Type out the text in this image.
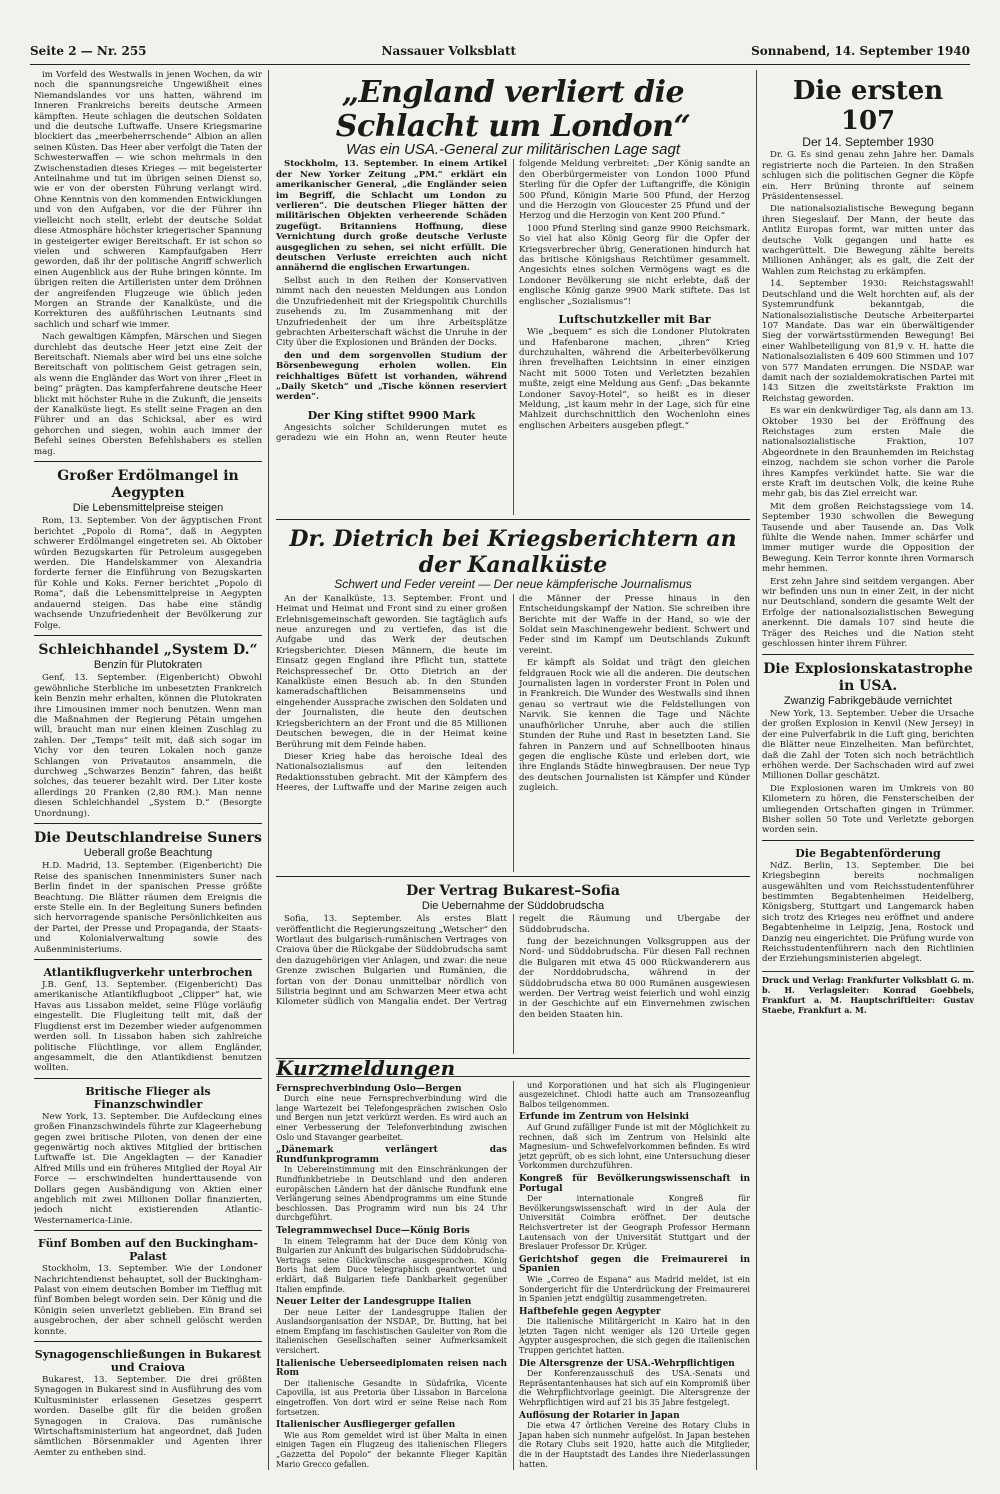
Seite 2 — Nr. 255	Nassauer Volksblatt	Sonnabend, 14. September 1940

im Vorfeld des Westwalls in jenen Wochen, da wir noch die spannungsreiche Ungewißheit eines Niemandslandes vor uns hatten, während im Inneren Frankreichs bereits deutsche Armeen kämpften. Heute schlagen die deutschen Soldaten und die deutsche Luftwaffe. Unsere Kriegsmarine blockiert das „meerbeherrschende“ Albion an allen seinen Küsten. Das Heer aber verfolgt die Taten der Schwesterwaffen — wie schon mehrmals in den Zwischenstadien dieses Krieges — mit begeisterter Anteilnahme und tut im übrigen seinen Dienst so, wie er von der obersten Führung verlangt wird. Ohne Kenntnis von den kommenden Entwicklungen und von den Aufgaben, vor die der Führer ihn vielleicht noch stellt, erlebt der deutsche Soldat diese Atmosphäre höchster kriegerischer Spannung in gesteigerter ewiger Bereitschaft. Er ist schon so vielen und schweren Kampfaufgaben Herr geworden, daß ihr der politische Angriff schwerlich einen Augenblick aus der Ruhe bringen könnte. Im übrigen reiten die Artilleristen unter dem Dröhnen der angreifenden Flugzeuge wie üblich jeden Morgen an Strande der Kanalküste, und die Korrekturen des außführischen Leutnants sind sachlich und scharf wie immer.

Nach gewaltigen Kämpfen, Märschen und Siegen durchlebt das deutsche Heer jetzt eine Zeit der Bereitschaft. Niemals aber wird bei uns eine solche Bereitschaft von politischem Geist getragen sein, als wenn die Engländer das Wort von ihrer „Fleet in being“ prägten. Das kampferfahrene deutsche Heer blickt mit höchster Ruhe in die Zukunft, die jenseits der Kanalküste liegt. Es stellt seine Fragen an den Führer und an das Schicksal, aber es wird gehorchen und siegen, wohin auch immer der Befehl seines Obersten Befehlshabers es stellen mag.

Großer Erdölmangel in Aegypten
Die Lebensmittelpreise steigen

Rom, 13. September. Von der ägyptischen Front berichtet „Popolo di Roma“, daß in Aegypten schwerer Erdölmangel eingetreten sei. Ab Oktober würden Bezugskarten für Petroleum ausgegeben werden. Die Handelskammer von Alexandria forderte ferner die Einführung von Bezugskarten für Kohle und Koks. Ferner berichtet „Popolo di Roma“, daß die Lebensmittelpreise in Aegypten andauernd steigen. Das habe eine ständig wachsende Unzufriedenheit der Bevölkerung zur Folge.

Schleichhandel „System D.“
Benzin für Plutokraten

Genf, 13. September. (Eigenbericht) Obwohl gewöhnliche Sterbliche im unbesetzten Frankreich kein Benzin mehr erhalten, können die Plutokraten ihre Limousinen immer noch benutzen. Wenn man die Maßnahmen der Regierung Pétain umgehen will, braucht man nur einen kleinen Zuschlag zu zahlen. Der „Temps“ teilt mit, daß sich sogar im Vichy vor den teuren Lokalen noch ganze Schlangen von Privatautos ansammeln, die durchweg „Schwarzes Benzin“ fahren, das heißt solches, das teuerer bezahlt wird. Der Liter koste allerdings 20 Franken (2,80 RM.). Man nenne diesen Schleichhandel „System D.“ (Besorgte Unordnung).

Die Deutschlandreise Suners
Ueberall große Beachtung

H.D. Madrid, 13. September. (Eigenbericht) Die Reise des spanischen Innenministers Suner nach Berlin findet in der spanischen Presse größte Beachtung. Die Blätter räumen dem Ereignis die erste Stelle ein. In der Begleitung Suners befinden sich hervorragende spanische Persönlichkeiten aus der Partei, der Presse und Propaganda, der Staats- und Kolonialverwaltung sowie des Außenministeriums.

Atlantikflugverkehr unterbrochen

J.B. Genf, 13. September. (Eigenbericht) Das amerikanische Atlantikflugboot „Clipper“ hat, wie Havas aus Lissabon meldet, seine Flüge vorläufig eingestellt. Die Flugleitung teilt mit, daß der Flugdienst erst im Dezember wieder aufgenommen werden soll. In Lissabon haben sich zahlreiche politische Flüchtlinge, vor allem Engländer, angesammelt, die den Atlantikdienst benutzen wollten.

Britische Flieger als Finanzschwindler

New York, 13. September. Die Aufdeckung eines großen Finanzschwindels führte zur Klageerhebung gegen zwei britische Piloten, von denen der eine gegenwärtig noch aktives Mitglied der britischen Luftwaffe ist. Die Angeklagten — der Kanadier Alfred Mills und ein früheres Mitglied der Royal Air Force — erschwindelten hunderttausende von Dollars gegen Ausbändigung von Aktien einer angeblich mit zwei Millionen Dollar finanzierten, jedoch nicht existierenden Atlantic-Westernamerica-Linie.

Fünf Bomben auf den Buckingham-Palast

Stockholm, 13. September. Wie der Londoner Nachrichtendienst behauptet, soll der Buckingham-Palast von einem deutschen Bomber im Tiefflug mit fünf Bomben belegt worden sein. Der König und die Königin seien unverletzt geblieben. Ein Brand sei ausgebrochen, der aber schnell gelöscht werden konnte.

Synagogenschließungen in Bukarest und Craiova

Bukarest, 13. September. Die drei größten Synagogen in Bukarest sind in Ausführung des vom Kultusminister erlassenen Gesetzes gesperrt worden. Daselbe gilt für die beiden großen Synagogen in Craiova. Das rumänische Wirtschaftsministerium hat angeordnet, daß Juden sämtlichen Börsenmakler und Agenten ihrer Aemter zu entheben sind.

„England verliert die Schlacht um London“
Was ein USA.-General zur militärischen Lage sagt

Stockholm, 13. September. In einem Artikel der New Yorker Zeitung „PM.“ erklärt ein amerikanischer General, „die Engländer seien im Begriff, die Schlacht um London zu verlieren“. Die deutschen Flieger hätten der militärischen Objekten verheerende Schäden zugefügt. Britanniens Hoffnung, diese Vernichtung durch große deutsche Verluste ausgeglichen zu sehen, sei nicht erfüllt. Die deutschen Verluste erreichten auch nicht annähernd die englischen Erwartungen.

Selbst auch in den Reihen der Konservativen nimmt nach den neuesten Meldungen aus London die Unzufriedenheit mit der Kriegspolitik Churchills zusehends zu. Im Zusammenhang mit der Unzufriedenheit der um ihre Arbeitsplätze gebrachten Arbeiterschaft wächst die Unruhe in der City über die Explosionen und Bränden der Docks.

den und dem sorgenvollen Studium der Börsenbewegung erholen wollen. Ein reichhaltiges Büfett ist vorhanden, während „Daily Sketch“ und „Tische können reserviert werden“.

Der King stiftet 9900 Mark

Angesichts solcher Schilderungen mutet es geradezu wie ein Hohn an, wenn Reuter heute folgende Meldung verbreitet: „Der König sandte an den Oberbürgermeister von London 1000 Pfund Sterling für die Opfer der Luftangriffe, die Königin 500 Pfund, Königin Marie 500 Pfund, der Herzog und die Herzogin von Gloucester 25 Pfund und der Herzog und die Herzogin von Kent 200 Pfund.“

1000 Pfund Sterling sind ganze 9900 Reichsmark. So viel hat also König Georg für die Opfer der Kriegsverbrecher übrig, Generationen hindurch hat das britische Königshaus Reichtümer gesammelt. Angesichts eines solchen Vermögens wagt es die Londoner Bevölkerung sie nicht erlebte, daß der englische König ganze 9900 Mark stiftete. Das ist englischer „Sozialismus“!

Luftschutzkeller mit Bar

Wie „bequem“ es sich die Londoner Plutokraten und Hafenbarone machen, „ihren“ Krieg durchzuhalten, während die Arbeiterbevölkerung ihren frevelhaften Leichtsinn in einer einzigen Nacht mit 5000 Toten und Verletzten bezahlen mußte, zeigt eine Meldung aus Genf: „Das bekannte Londoner Savoy-Hotel“, so heißt es in dieser Meldung, „ist kaum mehr in der Lage, sich für eine Mahlzeit durchschnittlich den Wochenlohn eines englischen Arbeiters ausgeben pflegt.“

Dr. Dietrich bei Kriegsberichtern an der Kanalküste
Schwert und Feder vereint — Der neue kämpferische Journalismus

An der Kanalküste, 13. September. Front und Heimat und Heimat und Front sind zu einer großen Erlebnisgemeinschaft geworden. Sie tagtäglich aufs neue anzuregen und zu vertiefen, das ist die Aufgabe und das Werk der deutschen Kriegsberichter. Diesen Männern, die heute im Einsatz gegen England ihre Pflicht tun, stattete Reichspressechef Dr. Otto Dietrich an der Kanalküste einen Besuch ab. In den Stunden kameradschaftlichen Beisammenseins und eingehender Aussprache zwischen den Soldaten und der Journalisten, die heute den deutschen Kriegsberichtern an der Front und die 85 Millionen Deutschen bewegen, die in der Heimat keine Berührung mit dem Feinde haben.

Dieser Krieg habe das heroische Ideal des Nationalsozialismus auf den leitenden Redaktionsstuben gebracht. Mit der Kämpfern des Heeres, der Luftwaffe und der Marine zeigen auch die Männer der Presse hinaus in den Entscheidungskampf der Nation. Sie schreiben ihre Berichte mit der Waffe in der Hand, so wie der Soldat sein Maschinengewehr bedient. Schwert und Feder sind im Kampf um Deutschlands Zukunft vereint.

Er kämpft als Soldat und trägt den gleichen feldgrauen Rock wie all die anderen. Die deutschen Journalisten lagen in vorderster Front in Polen und in Frankreich. Die Wunder des Westwalls sind ihnen genau so vertraut wie die Feldstellungen von Narvik. Sie kennen die Tage und Nächte unaufhörlicher Unruhe, aber auch die stillen Stunden der Ruhe und Rast in besetzten Land. Sie fahren in Panzern und auf Schnellbooten hinaus gegen die englische Küste und erleben dort, wie ihre Englands Städte hinwegbrausen. Der neue Typ des deutschen Journalisten ist Kämpfer und Künder zugleich.

Der Vertrag Bukarest–Sofia
Die Uebernahme der Süddobrudscha

Sofia, 13. September. Als erstes Blatt veröffentlicht die Regierungszeitung „Wetscher“ den Wortlaut des bulgarisch-rumänischen Vertrages von Craiova über die Rückgabe der Süddobrudscha samt den dazugehörigen vier Anlagen, und zwar: die neue Grenze zwischen Bulgarien und Rumänien, die fortan von der Donau unmittelbar nördlich von Silistria beginnt und am Schwarzen Meer etwa acht Kilometer südlich von Mangalia endet. Der Vertrag regelt die Räumung und Übergabe der Süddobrudscha.

fung der bezeichnungen Volksgruppen aus der Nord- und Süddobrudscha. Für diesen Fall rechnen die Bulgaren mit etwa 45 000 Rückwanderern aus der Norddobrudscha, während in der Süddobrudscha etwa 80 000 Rumänen ausgewiesen werden. Der Vertrag weist feierlich und wohl einzig in der Geschichte auf ein Einvernehmen zwischen den beiden Staaten hin.

Kurzmeldungen
Fernsprechverbindung Oslo—Bergen

Durch eine neue Fernsprechverbindung wird die lange Wartezeit bei Telefongesprächen zwischen Oslo und Bergen nun jetzt verkürzt werden. Es wird auch an einer Verbesserung der Telefonverbindung zwischen Oslo und Stavanger gearbeitet.

„Dänemark verlängert das Rundfunkprogramm

In Uebereinstimmung mit den Einschränkungen der Rundfunkbetriebe in Deutschland und den anderen europäischen Ländern hat der dänische Rundfunk eine Verlängerung seines Abendprogramms um eine Stunde beschlossen. Das Programm wird nun bis 24 Uhr durchgeführt.

Telegrammwechsel Duce—König Boris

In einem Telegramm hat der Duce dem König von Bulgarien zur Ankunft des bulgarischen Süddobrudscha-Vertrags seine Glückwünsche ausgesprochen. König Boris hat dem Duce telegraphisch geantwortet und erklärt, daß Bulgarien tiefe Dankbarkeit gegenüber Italien empfinde.

Neuer Leiter der Landesgruppe Italien

Der neue Leiter der Landesgruppe Italien der Auslandsorganisation der NSDAP., Dr. Butting, hat bei einem Empfang im faschistischen Gauleiter von Rom die italienischen Gesellschaften seiner Aufmerksamkeit versichert.

Italienische Ueberseediplomaten reisen nach Rom

Der italienische Gesandte in Südafrika, Vicente Capovilla, ist aus Pretoria über Lissabon in Barcelona eingetroffen. Von dort wird er seine Reise nach Rom fortsetzen.

Italienischer Ausfliegerger gefallen

Wie aus Rom gemeldet wird ist über Malta in einen einigen Tagen ein Flugzeug des italienischen Fliegers „Gazzetta del Popolo“ der bekannte Flieger Kapitän Mario Grecco gefallen.

und Korporationen und hat sich als Flugingenieur ausgezeichnet. Chiodi hatte auch am Transozeanflug Balbos teilgenommen.

Erfunde im Zentrum von Helsinki

Auf Grund zufälliger Funde ist mit der Möglichkeit zu rechnen, daß sich im Zentrum von Helsinki alte Magnesium- und Schwefelvorkommen befinden. Es wird jetzt geprüft, ob es sich lohnt, eine Untersuchung dieser Vorkommen durchzuführen.

Kongreß für Bevölkerungswissenschaft in Portugal

Der internationale Kongreß für Bevölkerungswissenschaft wird in der Aula der Universität Coimbra eröffnet. Der deutsche Reichsvertreter ist der Geograph Professor Hermann Lautensach von der Universität Stuttgart und der Breslauer Professor Dr. Krüger.

Gerichtshof gegen die Freimaurerei in Spanien

Wie „Correo de Espana“ aus Madrid meldet, ist ein Sondergericht für die Unterdrückung der Freimaurerei in Spanien jetzt endgültig zusammengetreten.

Haftbefehle gegen Aegypter

Die italienische Militärgericht in Kairo hat in den letzten Tagen nicht weniger als 120 Urteile gegen Ägypter ausgesprochen, die sich gegen die italienischen Truppen gerichtet hatten.

Die Altersgrenze der USA.-Wehrpflichtigen

Der Konferenzausschuß des USA.-Senats und Repräsentantenhauses hat sich auf ein Kompromiß über die Wehrpflichtvorlage geeinigt. Die Altersgrenze der Wehrpflichtigen wird auf 21 bis 35 Jahre festgelegt.

Auflösung der Rotarier in Japan

Die etwa 47 örtlichen Vereine des Rotary Clubs in Japan haben sich nunmehr aufgelöst. In Japan bestehen die Rotary Clubs seit 1920, hatte auch die Mitglieder, die in der Hauptstadt des Landes ihre Niederlassungen hatten.

Die ersten 107
Der 14. September 1930

Dr. G. Es sind genau zehn Jahre her. Damals registrierte noch die Parteien. In den Straßen schlugen sich die politischen Gegner die Köpfe ein. Herr Brüning thronte auf seinem Präsidentensessel.

Die nationalsozialistische Bewegung begann ihren Siegeslauf. Der Mann, der heute das Antlitz Europas formt, war mitten unter das deutsche Volk gegangen und hatte es wachgerüttelt. Die Bewegung zählte bereits Millionen Anhänger, als es galt, die Zeit der Wahlen zum Reichstag zu erkämpfen.

14. September 1930: Reichstagswahl! Deutschland und die Welt horchten auf, als der Systemrundfunk bekanntgab, die Nationalsozialistische Deutsche Arbeiterpartei 107 Mandate. Das war ein überwältigender Sieg der vorwärtsstürmenden Bewegung! Bei einer Wahlbeteiligung von 81,9 v. H. hatte die Nationalsozialisten 6 409 600 Stimmen und 107 von 577 Mandaten errungen. Die NSDAP. war damit nach der sozialdemokratischen Partei mit 143 Sitzen die zweitstärkste Fraktion im Reichstag geworden.

Es war ein denkwürdiger Tag, als dann am 13. Oktober 1930 bei der Eröffnung des Reichstages zum ersten Male die nationalsozialistische Fraktion, 107 Abgeordnete in den Braunhemden im Reichstag einzog, nachdem sie schon vorher die Parole ihres Kampfes verkündet hatte. Sie war die erste Kraft im deutschen Volk, die keine Ruhe mehr gab, bis das Ziel erreicht war.

Mit dem großen Reichstagssiege vom 14. September 1930 schwollen die Bewegung Tausende und aber Tausende an. Das Volk fühlte die Wende nahen. Immer schärfer und immer mutiger wurde die Opposition der Bewegung. Kein Terror konnte ihren Vormarsch mehr hemmen.

Erst zehn Jahre sind seitdem vergangen. Aber wir befinden uns nun in einer Zeit, in der nicht nur Deutschland, sondern die gesamte Welt der Erfolge der nationalsozialistischen Bewegung anerkennt. Die damals 107 sind heute die Träger des Reiches und die Nation steht geschlossen hinter ihrem Führer.

Die Explosionskatastrophe in USA.
Zwanzig Fabrikgebäude vernichtet

New York, 13. September. Ueber die Ursache der großen Explosion in Kenvil (New Jersey) in der eine Pulverfabrik in die Luft ging, berichten die Blätter neue Einzelheiten. Man befürchtet, daß die Zahl der Toten sich noch beträchtlich erhöhen werde. Der Sachschaden wird auf zwei Millionen Dollar geschätzt.

Die Explosionen waren im Umkreis von 80 Kilometern zu hören, die Fensterscheiben der umliegenden Ortschaften gingen in Trümmer. Bisher sollen 50 Tote und Verletzte geborgen worden sein.

Die Begabtenförderung

NdZ. Berlin, 13. September. Die bei Kriegsbeginn bereits nochmaligen ausgewählten und vom Reichsstudentenführer bestimmten Begabtenheimen Heidelberg, Königsberg, Stuttgart und Langemarck haben sich trotz des Krieges neu eröffnet und andere Begabtenheime in Leipzig, Jena, Rostock und Danzig neu eingerichtet. Die Prüfung wurde von Reichsstudentenführern nach den Richtlinien der Erziehungsministerien abgelegt.

Druck und Verlag: Frankfurter Volksblatt G. m. b. H. Verlagsleiter: Konrad Goebbels, Frankfurt a. M. Hauptschriftleiter: Gustav Staebe, Frankfurt a. M.
